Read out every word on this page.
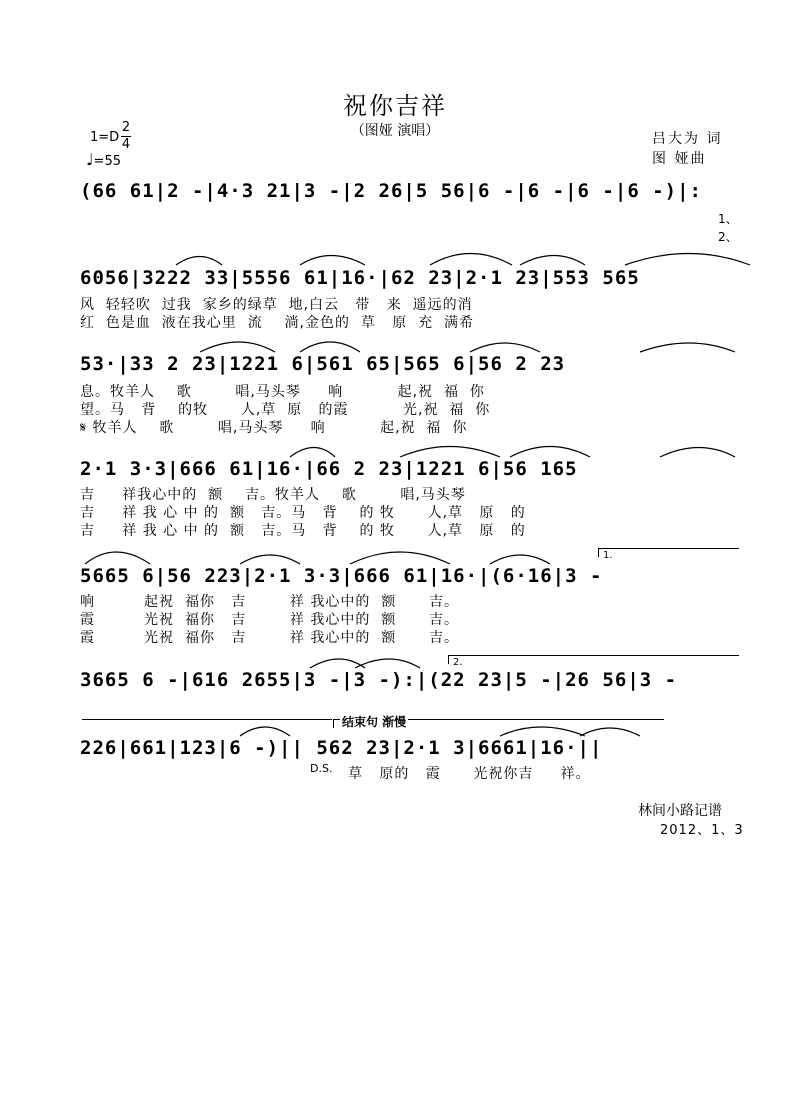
祝你吉祥
（图娅 演唱）	吕大为 词
图 娅曲
1=D
2
4
♩=55
(66 61|2 -|4·3 21|3 -|2 26|5 56|6 -|6 -|6 -|6 -)|:
1、 2、
6056|3222 33|5556 61|16·|62 23|2·1 23|553 565
风  轻轻吹  过我  家乡的绿草  地,白云   带   来  遥远的消
红  色是血  液在我心里  流    淌,金色的  草   原  充  满希
53·|33 2 23|1221 6|561 65|565 6|56 2 23
息。牧羊人    歌        唱,马头琴     响          起,祝  福  你
望。马   背    的牧      人,草  原   的霞          光,祝  福  你
𝄋 牧羊人    歌        唱,马头琴     响          起,祝  福  你
2·1 3·3|666 61|16·|66 2 23|1221 6|56 165
吉     祥我心中的  额    吉。牧羊人    歌        唱,马头琴
吉     祥 我 心 中 的  额   吉。马   背    的 牧      人,草   原   的
吉     祥 我 心 中 的  额   吉。马   背    的 牧      人,草   原   的
1.
5665 6|56 223|2·1 3·3|666 61|16·|(6·16|3 -
响         起祝  福你   吉        祥 我心中的  额      吉。
霞         光祝  福你   吉        祥 我心中的  额      吉。
霞         光祝  福你   吉        祥 我心中的  额      吉。
2.
3665 6 -|616 2655|3 -|3 -):|(22 23|5 -|26 56|3 -
结束句 渐慢
226|661|123|6 -)|| 562 23|2·1 3|6661|16·||
D.S. 草   原的   霞      光祝你吉     祥。
林间小路记谱
2012、1、3
